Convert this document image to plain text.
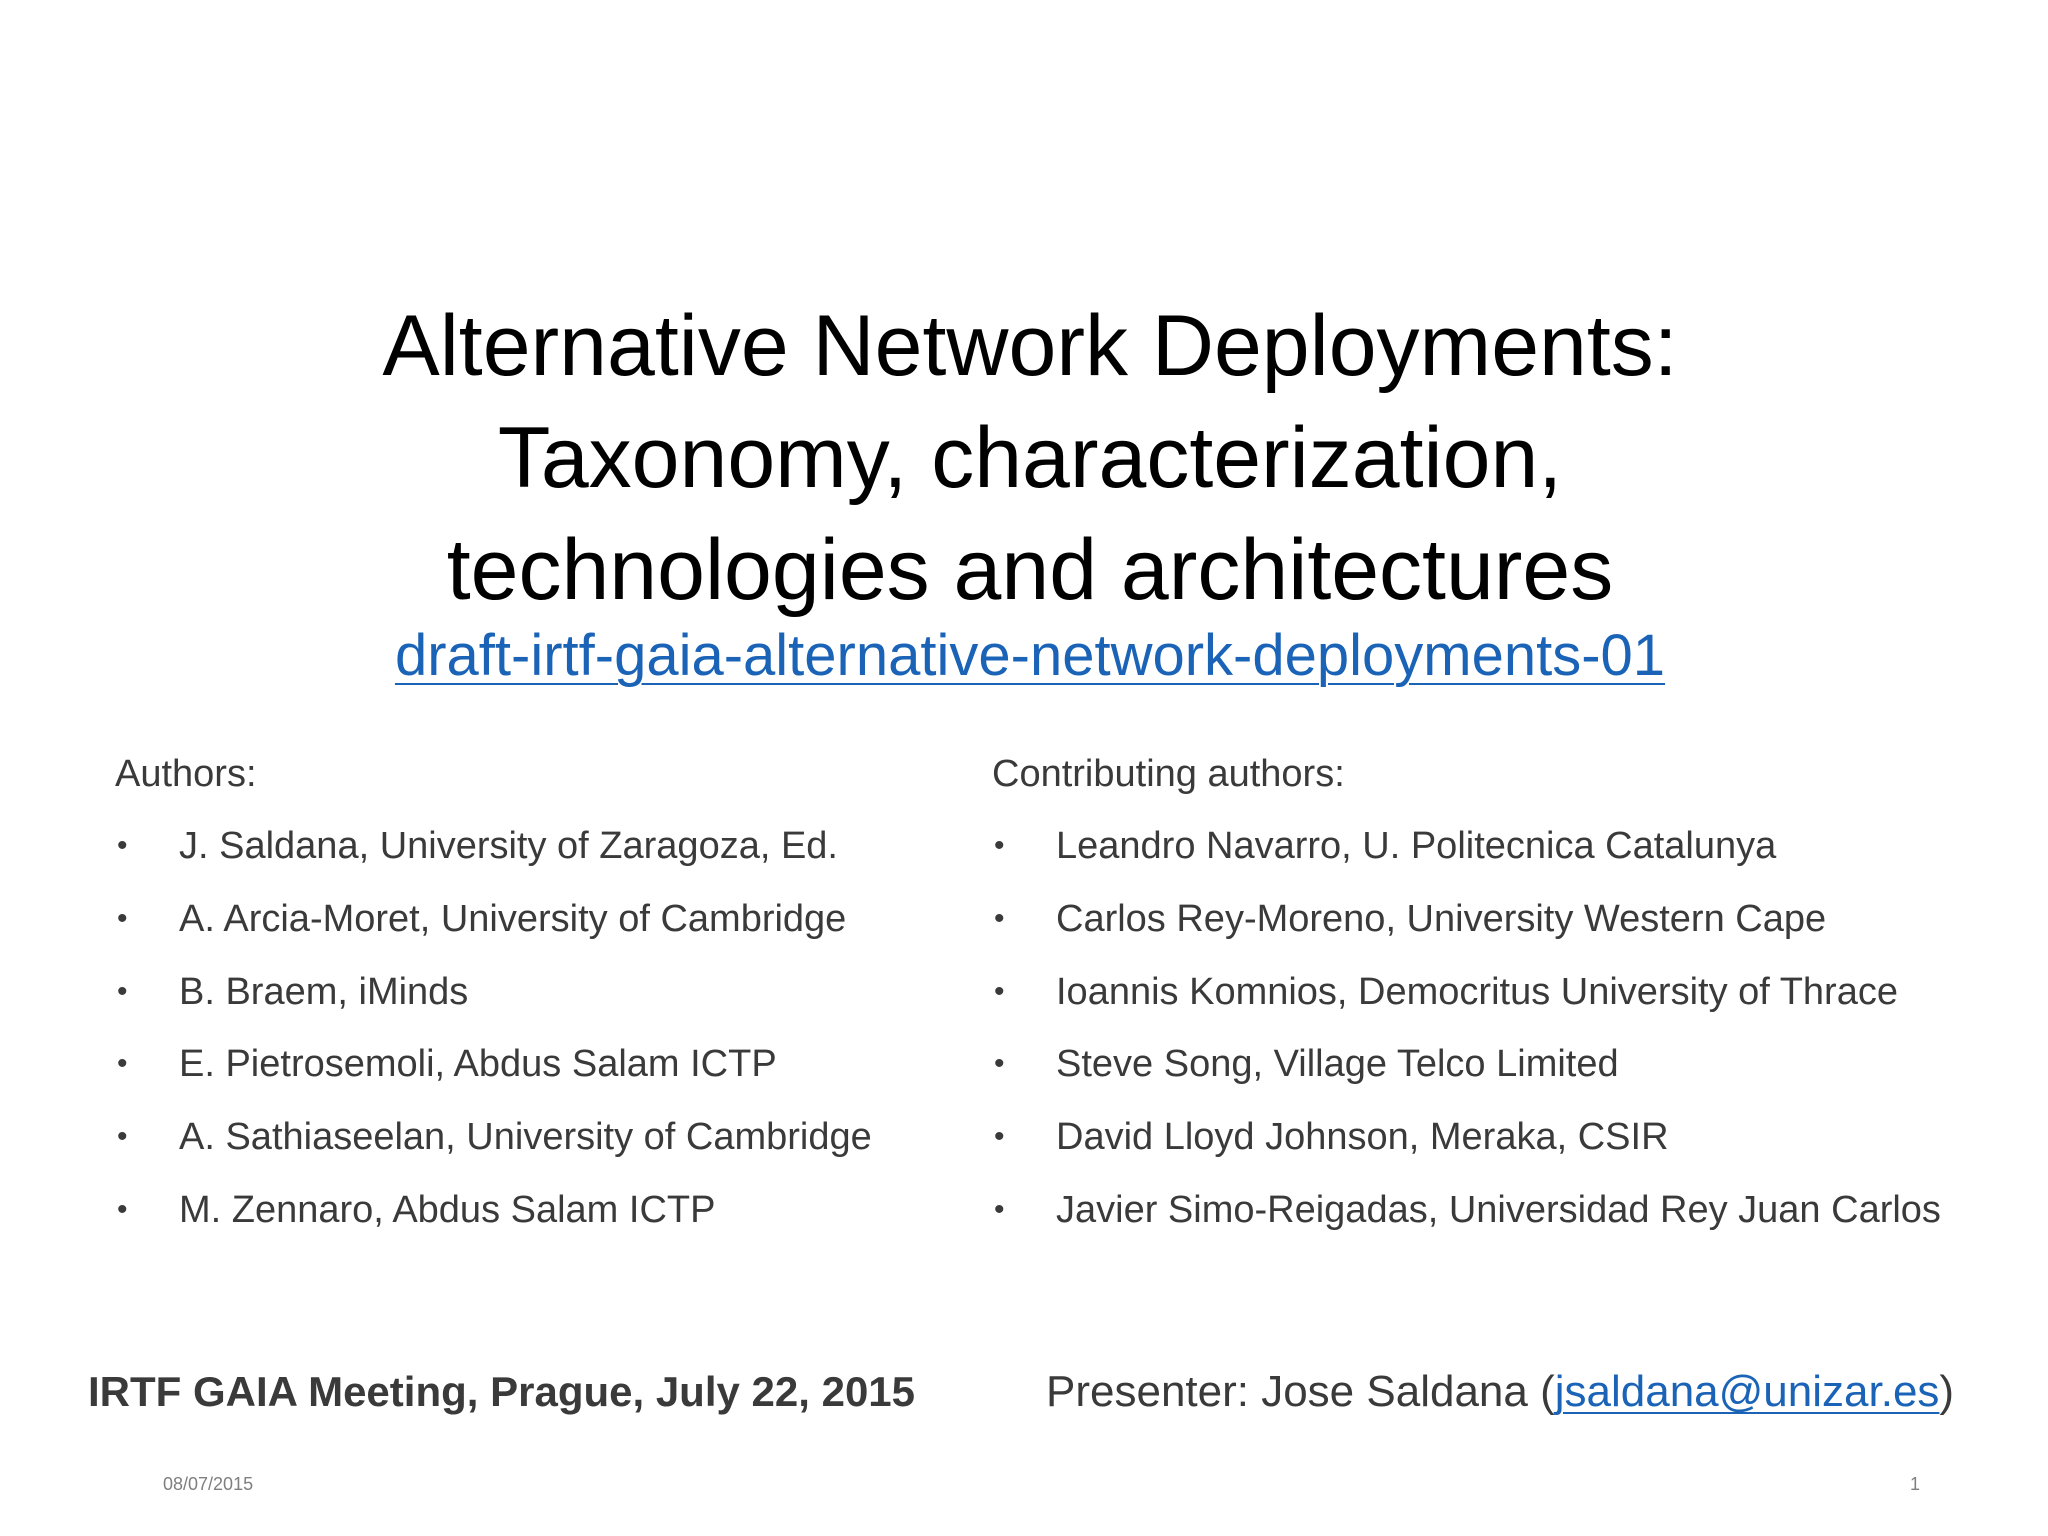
Alternative Network Deployments:
Taxonomy, characterization,
technologies and architectures
draft-irtf-gaia-alternative-network-deployments-01
Authors:
• J. Saldana, University of Zaragoza, Ed.
• A. Arcia-Moret, University of Cambridge
• B. Braem, iMinds
• E. Pietrosemoli, Abdus Salam ICTP
• A. Sathiaseelan, University of Cambridge
• M. Zennaro, Abdus Salam ICTP
Contributing authors:
• Leandro Navarro, U. Politecnica Catalunya
• Carlos Rey-Moreno, University Western Cape
• Ioannis Komnios, Democritus University of Thrace
• Steve Song, Village Telco Limited
• David Lloyd Johnson, Meraka, CSIR
• Javier Simo-Reigadas, Universidad Rey Juan Carlos
IRTF GAIA Meeting, Prague, July 22, 2015	Presenter: Jose Saldana (jsaldana@unizar.es)
08/07/2015	1
